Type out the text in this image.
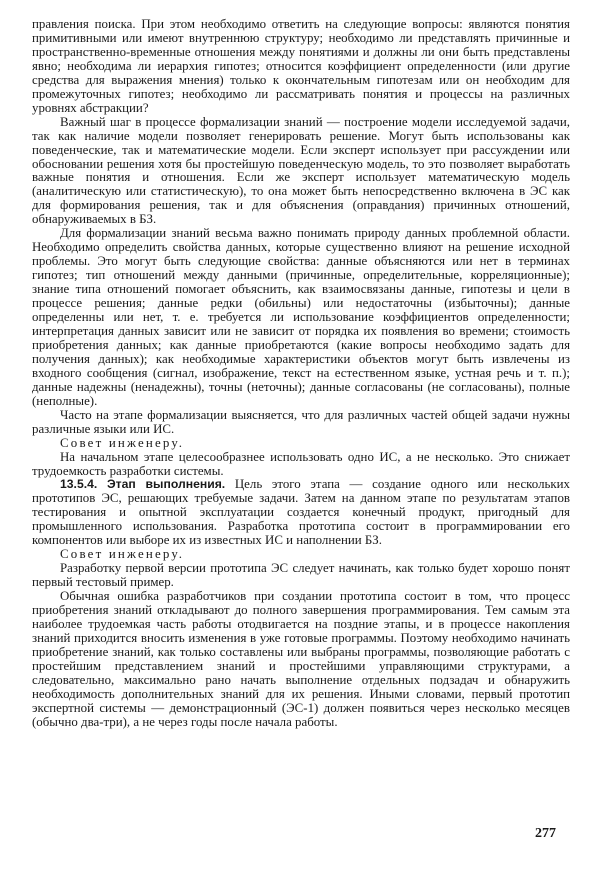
правления поиска. При этом необходимо ответить на следующие вопросы: являются понятия примитивными или имеют внутреннюю структуру; необходимо ли представлять причинные и пространственно-временные отношения между понятиями и должны ли они быть представлены явно; необходима ли иерархия гипотез; относится коэффициент определенности (или другие средства для выражения мнения) только к окончательным гипотезам или он необходим для промежуточных гипотез; необходимо ли рассматривать понятия и процессы на различных уровнях абстракции?

Важный шаг в процессе формализации знаний — построение модели исследуемой задачи, так как наличие модели позволяет генерировать решение. Могут быть использованы как поведенческие, так и математические модели. Если эксперт использует при рассуждении или обосновании решения хотя бы простейшую поведенческую модель, то это позволяет выработать важные понятия и отношения. Если же эксперт использует математическую модель (аналитическую или статистическую), то она может быть непосредственно включена в ЭС как для формирования решения, так и для объяснения (оправдания) причинных отношений, обнаруживаемых в БЗ.

Для формализации знаний весьма важно понимать природу данных проблемной области. Необходимо определить свойства данных, которые существенно влияют на решение исходной проблемы. Это могут быть следующие свойства: данные объясняются или нет в терминах гипотез; тип отношений между данными (причинные, определительные, корреляционные); знание типа отношений помогает объяснить, как взаимосвязаны данные, гипотезы и цели в процессе решения; данные редки (обильны) или недостаточны (избыточны); данные определенны или нет, т. е. требуется ли использование коэффициентов определенности; интерпретация данных зависит или не зависит от порядка их появления во времени; стоимость приобретения данных; как данные приобретаются (какие вопросы необходимо задать для получения данных); как необходимые характеристики объектов могут быть извлечены из входного сообщения (сигнал, изображение, текст на естественном языке, устная речь и т. п.); данные надежны (ненадежны), точны (неточны); данные согласованы (не согласованы), полные (неполные).

Часто на этапе формализации выясняется, что для различных частей общей задачи нужны различные языки или ИС.

Совет инженеру.

На начальном этапе целесообразнее использовать одно ИС, а не несколько. Это снижает трудоемкость разработки системы.

13.5.4. Этап выполнения. Цель этого этапа — создание одного или нескольких прототипов ЭС, решающих требуемые задачи. Затем на данном этапе по результатам этапов тестирования и опытной эксплуатации создается конечный продукт, пригодный для промышленного использования. Разработка прототипа состоит в программировании его компонентов или выборе их из известных ИС и наполнении БЗ.

Совет инженеру.

Разработку первой версии прототипа ЭС следует начинать, как только будет хорошо понят первый тестовый пример.

Обычная ошибка разработчиков при создании прототипа состоит в том, что процесс приобретения знаний откладывают до полного завершения программирования. Тем самым эта наиболее трудоемкая часть работы отодвигается на поздние этапы, и в процессе накопления знаний приходится вносить изменения в уже готовые программы. Поэтому необходимо начинать приобретение знаний, как только составлены или выбраны программы, позволяющие работать с простейшим представлением знаний и простейшими управляющими структурами, а следовательно, максимально рано начать выполнение отдельных подзадач и обнаружить необходимость дополнительных знаний для их решения. Иными словами, первый прототип экспертной системы — демонстрационный (ЭС-1) должен появиться через несколько месяцев (обычно два-три), а не через годы после начала работы.

277
